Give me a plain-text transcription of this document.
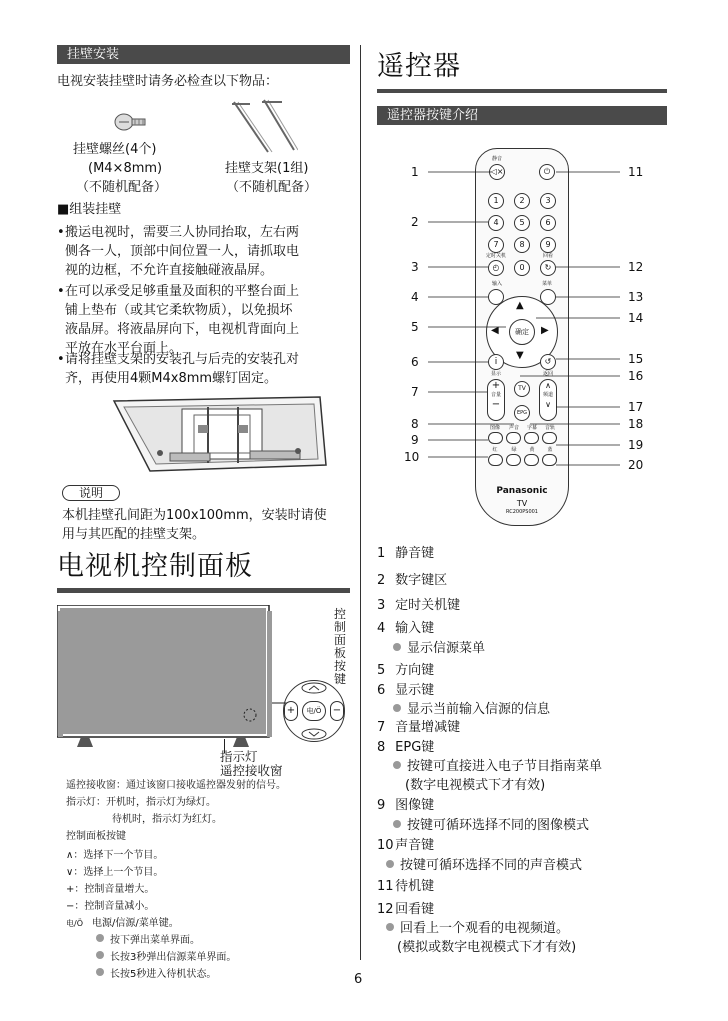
挂壁安装
电视安装挂壁时请务必检查以下物品：
挂壁螺丝(4个)
(M4×8mm)
（不随机配备）
挂壁支架(1组)
（不随机配备）
■组装挂壁
• 搬运电视时，需要三人协同抬取，左右两
侧各一人，顶部中间位置一人，请抓取电
视的边框，不允许直接触碰液晶屏。
• 在可以承受足够重量及面积的平整台面上
铺上垫布（或其它柔软物质），以免损坏
液晶屏。将液晶屏向下，电视机背面向上
平放在水平台面上。
• 请将挂壁支架的安装孔与后壳的安装孔对
齐，再使用4颗M4x8mm螺钉固定。
说明
本机挂壁孔间距为100x100mm，安装时请使
用与其匹配的挂壁支架。
电视机控制面板
指示灯
遥控接收窗
控
制
面
板
按
键
+	−
电/Ö
遥控接收窗：通过该窗口接收遥控器发射的信号。
指示灯：开机时，指示灯为绿灯。
待机时，指示灯为红灯。
控制面板按键
∧：选择下一个节目。
∨：选择上一个节目。
+：控制音量增大。
−：控制音量减小。
电/Ö 电源/信源/菜单键。
按下弹出菜单界面。
长按3秒弹出信源菜单界面。
长按5秒进入待机状态。	6
遥控器
遥控器按键介绍
静音
◁×	⏻
1	2	3
4	5	6
7	8	9
定时关机	回看
◴	0	↻
输入	菜单
▲
▼
◀	▶
确定
i	↺
显示	返回
+
音量
−
∧
频道
∨
TV
EPG
图像	声音	字幕	音轨
红	绿	黄	蓝
Panasonic
TV
RC200PS001
1
2
3
4
5
6
7
8
9
10
11
12
13
14
15
16
17
18
19
20
1 静音键
2 数字键区
3 定时关机键
4 输入键
显示信源菜单
5 方向键
6 显示键
显示当前输入信源的信息
7 音量增减键
8 EPG键
按键可直接进入电子节目指南菜单
(数字电视模式下才有效)
9 图像键
按键可循环选择不同的图像模式
10 声音键
按键可循环选择不同的声音模式
11 待机键
12 回看键
回看上一个观看的电视频道。
(模拟或数字电视模式下才有效)
